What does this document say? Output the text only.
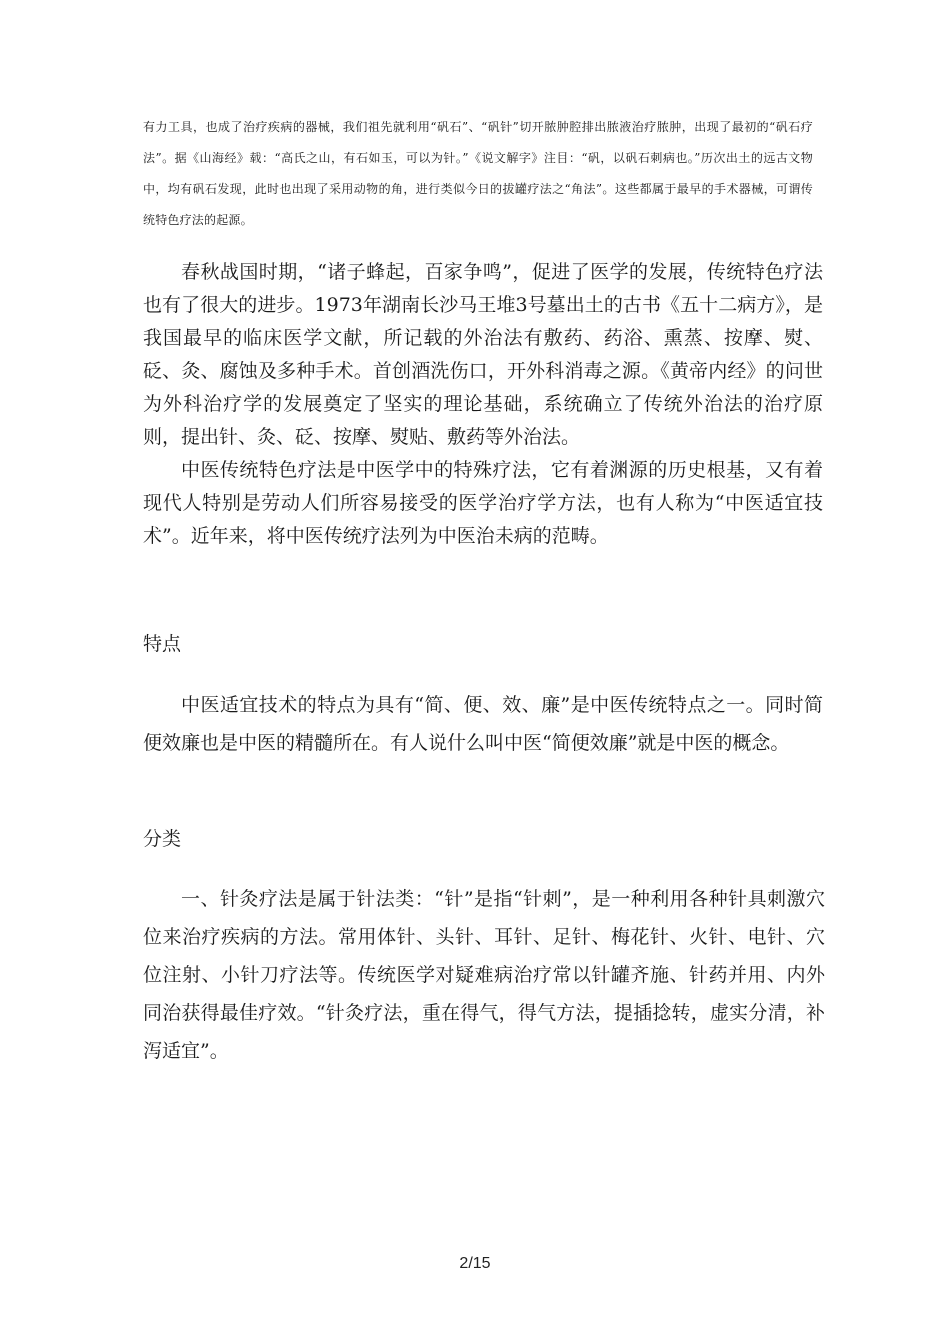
有力工具，也成了治疗疾病的器械，我们祖先就利用“矾石”、“矾针”切开脓肿腔排出脓液治疗脓肿，出现了最初的“矾石疗法”。据《山海经》载：“高氏之山，有石如玉，可以为针。”《说文解字》注目：“矾，以矾石刺病也。”历次出土的远古文物中，均有矾石发现，此时也出现了采用动物的角，进行类似今日的拔罐疗法之“角法”。这些都属于最早的手术器械，可谓传统特色疗法的起源。

春秋战国时期，“诸子蜂起，百家争鸣”，促进了医学的发展，传统特色疗法也有了很大的进步。1973年湖南长沙马王堆3号墓出土的古书《五十二病方》，是我国最早的临床医学文献，所记载的外治法有敷药、药浴、熏蒸、按摩、熨、砭、灸、腐蚀及多种手术。首创酒洗伤口，开外科消毒之源。《黄帝内经》的问世为外科治疗学的发展奠定了坚实的理论基础，系统确立了传统外治法的治疗原则，提出针、灸、砭、按摩、熨贴、敷药等外治法。

中医传统特色疗法是中医学中的特殊疗法，它有着渊源的历史根基，又有着现代人特别是劳动人们所容易接受的医学治疗学方法，也有人称为“中医适宜技术”。近年来，将中医传统疗法列为中医治未病的范畴。

特点

中医适宜技术的特点为具有“简、便、效、廉”是中医传统特点之一。同时简便效廉也是中医的精髓所在。有人说什么叫中医“简便效廉”就是中医的概念。

分类

一、针灸疗法是属于针法类：“针”是指“针刺”，是一种利用各种针具刺激穴位来治疗疾病的方法。常用体针、头针、耳针、足针、梅花针、火针、电针、穴位注射、小针刀疗法等。传统医学对疑难病治疗常以针罐齐施、针药并用、内外同治获得最佳疗效。“针灸疗法，重在得气，得气方法，提插捻转，虚实分清，补泻适宜”。

2/15
